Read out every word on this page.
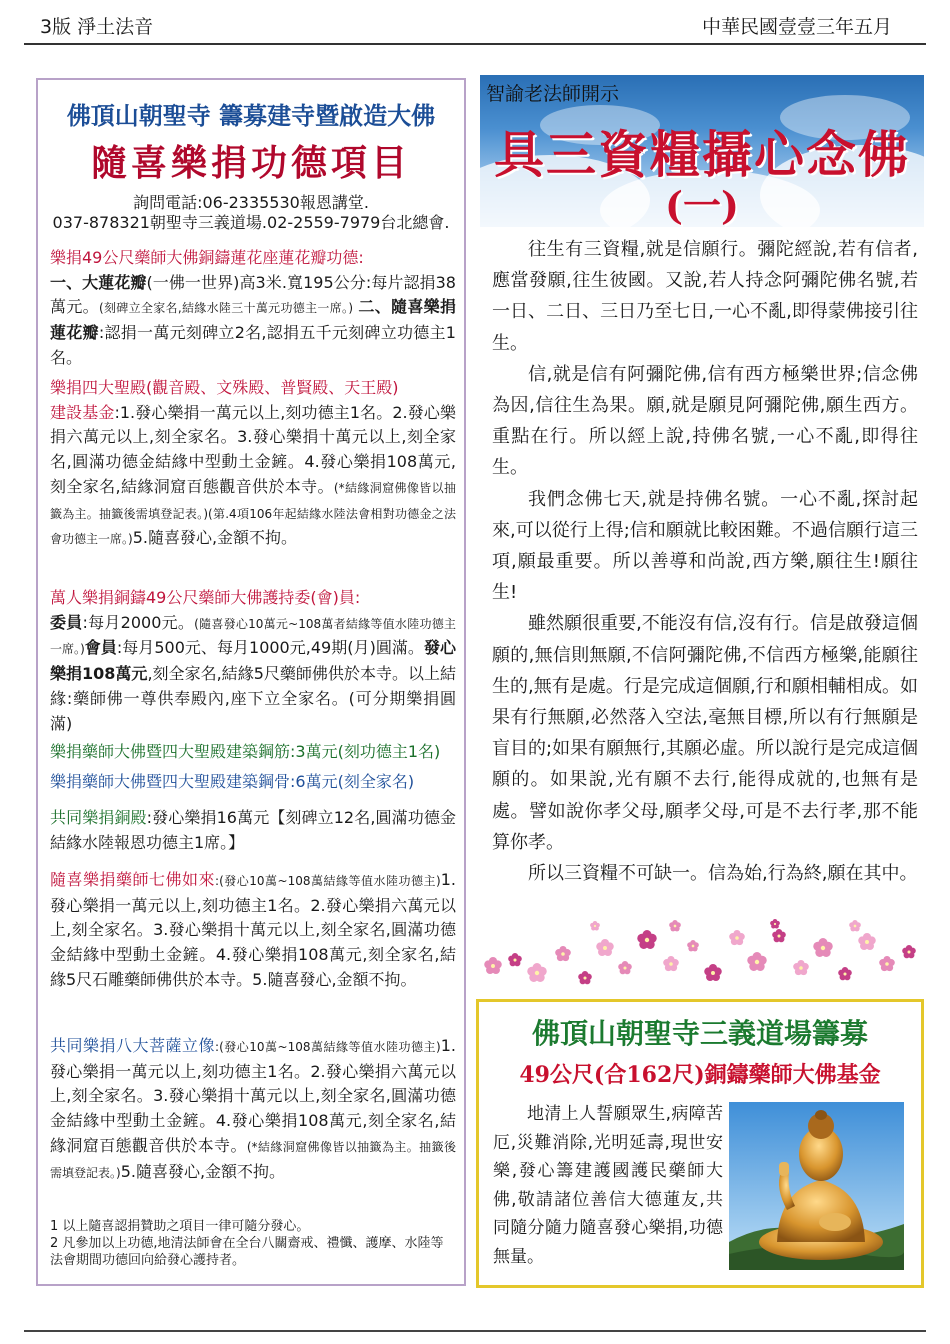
3版 淨土法音	中華民國壹壹三年五月
佛頂山朝聖寺 籌募建寺暨啟造大佛
隨喜樂捐功德項目
詢問電話:06-2335530報恩講堂.
037-878321朝聖寺三義道場.02-2559-7979台北總會.
樂捐49公尺藥師大佛銅鑄蓮花座蓮花瓣功德:
一、大蓮花瓣(一佛一世界)高3米.寬195公分:每片認捐38萬元。(刻碑立全家名,結緣水陸三十萬元功德主一席。) 二、隨喜樂捐蓮花瓣:認捐一萬元刻碑立2名,認捐五千元刻碑立功德主1名。
樂捐四大聖殿(觀音殿、文殊殿、普賢殿、天王殿)
建設基金:1.發心樂捐一萬元以上,刻功德主1名。2.發心樂捐六萬元以上,刻全家名。3.發心樂捐十萬元以上,刻全家名,圓滿功德金結緣中型動土金鏟。4.發心樂捐108萬元,刻全家名,結緣洞窟百態觀音供於本寺。(*結緣洞窟佛像皆以抽籤為主。抽籤後需填登記表。)(第.4項106年起結緣水陸法會相對功德金之法會功德主一席。)5.隨喜發心,金額不拘。
萬人樂捐銅鑄49公尺藥師大佛護持委(會)員:
委員:每月2000元。(隨喜發心10萬元~108萬者結緣等值水陸功德主一席。)會員:每月500元、每月1000元,49期(月)圓滿。發心樂捐108萬元,刻全家名,結緣5尺藥師佛供於本寺。以上結緣:藥師佛一尊供奉殿內,座下立全家名。(可分期樂捐圓滿)
樂捐藥師大佛暨四大聖殿建築鋼筋:3萬元(刻功德主1名)
樂捐藥師大佛暨四大聖殿建築鋼骨:6萬元(刻全家名)
共同樂捐銅殿:發心樂捐16萬元【刻碑立12名,圓滿功德金結緣水陸報恩功德主1席。】
隨喜樂捐藥師七佛如來:(發心10萬~108萬結緣等值水陸功德主)1.發心樂捐一萬元以上,刻功德主1名。2.發心樂捐六萬元以上,刻全家名。3.發心樂捐十萬元以上,刻全家名,圓滿功德金結緣中型動土金鏟。4.發心樂捐108萬元,刻全家名,結緣5尺石雕藥師佛供於本寺。5.隨喜發心,金額不拘。
共同樂捐八大菩薩立像:(發心10萬~108萬結緣等值水陸功德主)1.發心樂捐一萬元以上,刻功德主1名。2.發心樂捐六萬元以上,刻全家名。3.發心樂捐十萬元以上,刻全家名,圓滿功德金結緣中型動土金鏟。4.發心樂捐108萬元,刻全家名,結緣洞窟百態觀音供於本寺。(*結緣洞窟佛像皆以抽籤為主。抽籤後需填登記表。)5.隨喜發心,金額不拘。
1 以上隨喜認捐贊助之項目一律可隨分發心。
2 凡參加以上功德,地清法師會在全台八關齋戒、禮懺、護摩、水陸等法會期間功德回向給發心護持者。
智諭老法師開示
具三資糧攝心念佛
(一)

往生有三資糧,就是信願行。彌陀經說,若有信者,應當發願,往生彼國。又說,若人持念阿彌陀佛名號,若一日、二日、三日乃至七日,一心不亂,即得蒙佛接引往生。

信,就是信有阿彌陀佛,信有西方極樂世界;信念佛為因,信往生為果。願,就是願見阿彌陀佛,願生西方。重點在行。所以經上說,持佛名號,一心不亂,即得往生。

我們念佛七天,就是持佛名號。一心不亂,探討起來,可以從行上得;信和願就比較困難。不過信願行這三項,願最重要。所以善導和尚說,西方樂,願往生!願往生!

雖然願很重要,不能沒有信,沒有行。信是啟發這個願的,無信則無願,不信阿彌陀佛,不信西方極樂,能願往生的,無有是處。行是完成這個願,行和願相輔相成。如果有行無願,必然落入空法,毫無目標,所以有行無願是盲目的;如果有願無行,其願必虛。所以說行是完成這個願的。如果說,光有願不去行,能得成就的,也無有是處。譬如說你孝父母,願孝父母,可是不去行孝,那不能算你孝。

所以三資糧不可缺一。信為始,行為終,願在其中。

佛頂山朝聖寺三義道場籌募
49公尺(合162尺)銅鑄藥師大佛基金

地清上人誓願眾生,病障苦厄,災難消除,光明延壽,現世安樂,發心籌建護國護民藥師大佛,敬請諸位善信大德蓮友,共同隨分隨力隨喜發心樂捐,功德無量。
